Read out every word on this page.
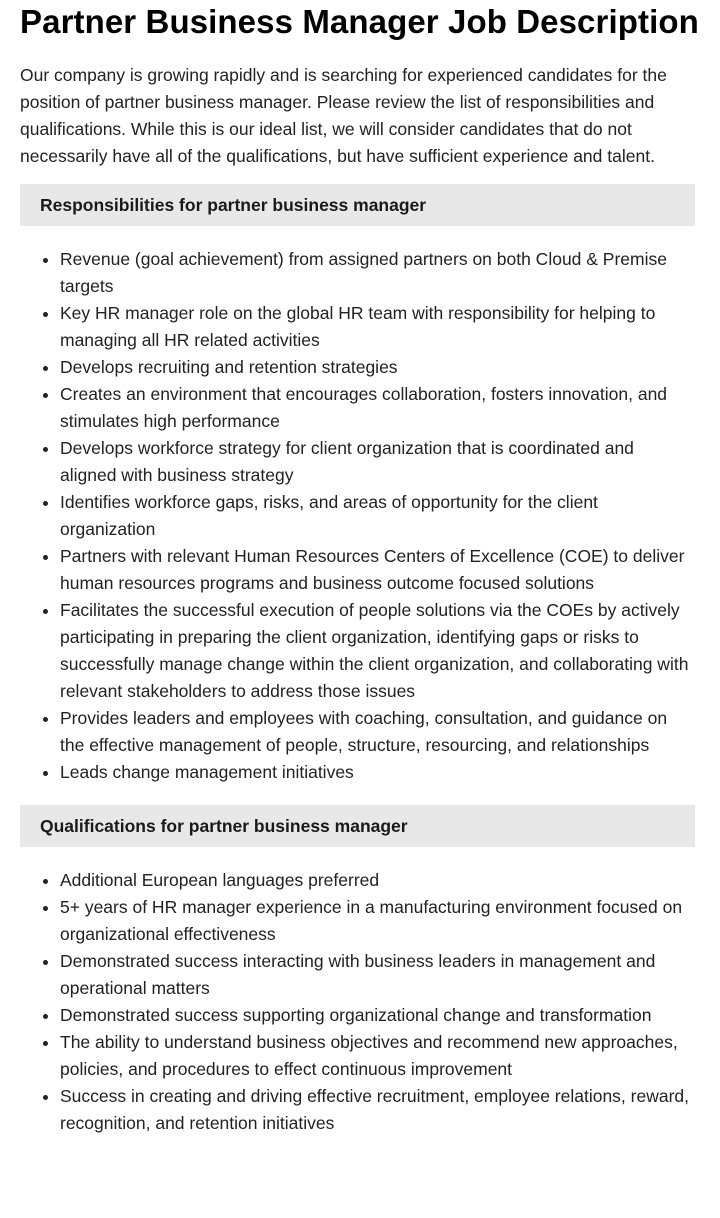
Partner Business Manager Job Description

Our company is growing rapidly and is searching for experienced candidates for the position of partner business manager. Please review the list of responsibilities and qualifications. While this is our ideal list, we will consider candidates that do not necessarily have all of the qualifications, but have sufficient experience and talent.

Responsibilities for partner business manager
• Revenue (goal achievement) from assigned partners on both Cloud & Premise targets
• Key HR manager role on the global HR team with responsibility for helping to managing all HR related activities
• Develops recruiting and retention strategies
• Creates an environment that encourages collaboration, fosters innovation, and stimulates high performance
• Develops workforce strategy for client organization that is coordinated and aligned with business strategy
• Identifies workforce gaps, risks, and areas of opportunity for the client organization
• Partners with relevant Human Resources Centers of Excellence (COE) to deliver human resources programs and business outcome focused solutions
• Facilitates the successful execution of people solutions via the COEs by actively participating in preparing the client organization, identifying gaps or risks to successfully manage change within the client organization, and collaborating with relevant stakeholders to address those issues
• Provides leaders and employees with coaching, consultation, and guidance on the effective management of people, structure, resourcing, and relationships
• Leads change management initiatives
Qualifications for partner business manager
• Additional European languages preferred
• 5+ years of HR manager experience in a manufacturing environment focused on organizational effectiveness
• Demonstrated success interacting with business leaders in management and operational matters
• Demonstrated success supporting organizational change and transformation
• The ability to understand business objectives and recommend new approaches, policies, and procedures to effect continuous improvement
• Success in creating and driving effective recruitment, employee relations, reward, recognition, and retention initiatives
